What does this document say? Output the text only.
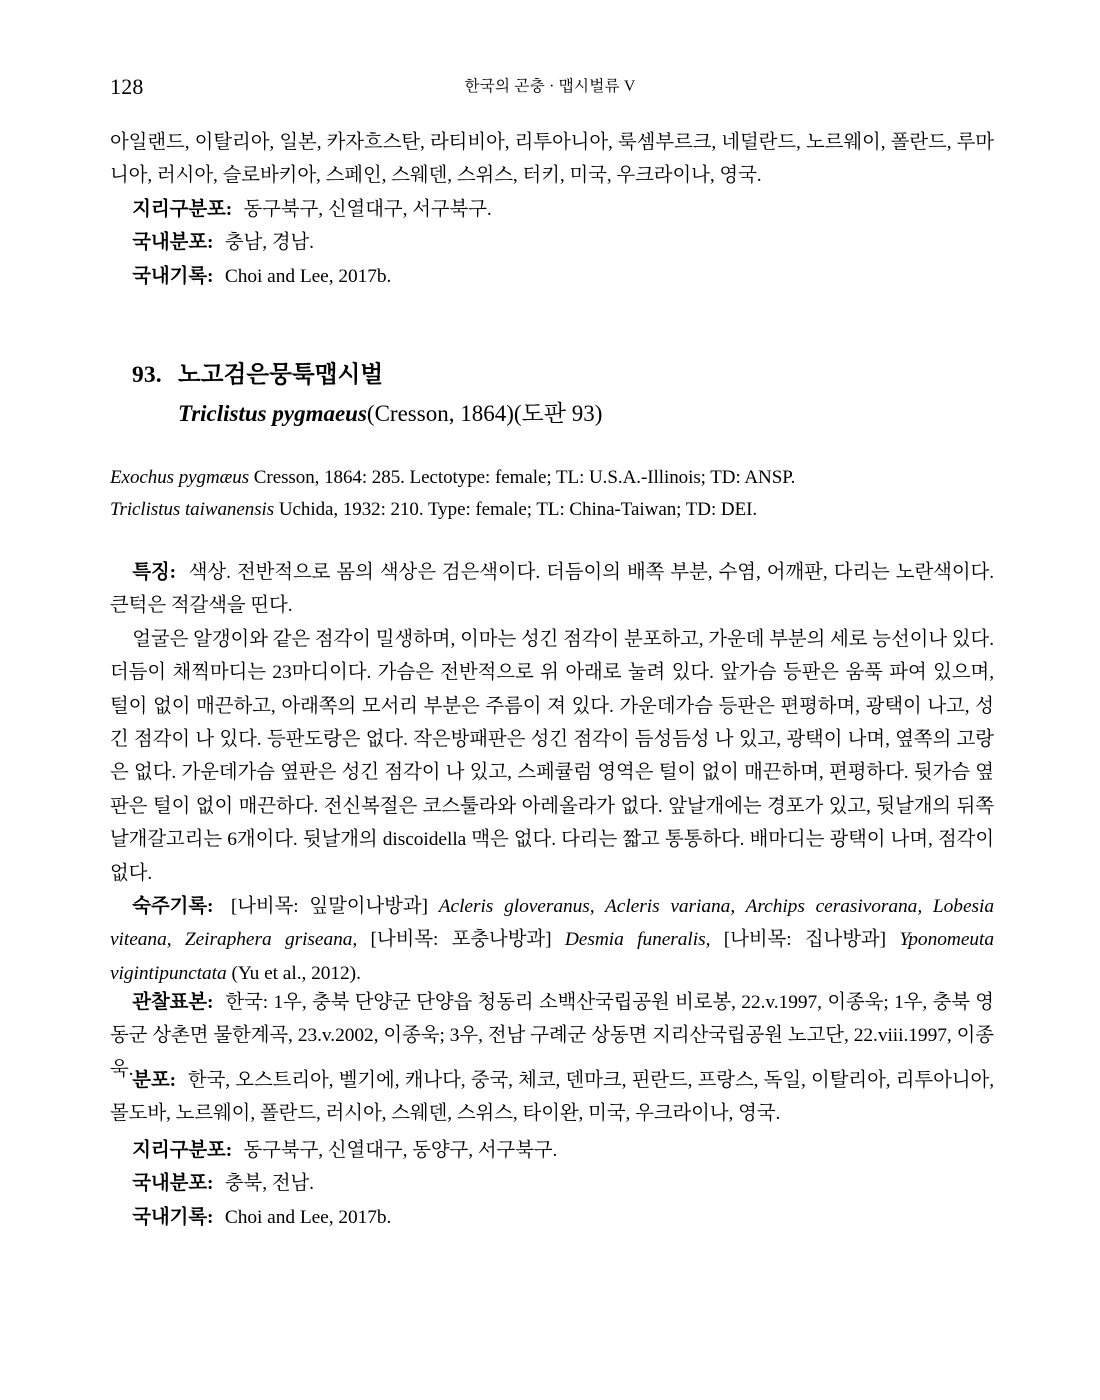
128	한국의 곤충 · 맵시벌류 V

아일랜드, 이탈리아, 일본, 카자흐스탄, 라티비아, 리투아니아, 룩셈부르크, 네덜란드, 노르웨이, 폴란드, 루마니아, 러시아, 슬로바키아, 스페인, 스웨덴, 스위스, 터키, 미국, 우크라이나, 영국.

지리구분포: 동구북구, 신열대구, 서구북구.

국내분포: 충남, 경남.

국내기록: Choi and Lee, 2017b.

93. 노고검은뭉툭맵시벌
Triclistus pygmaeus(Cresson, 1864)(도판 93)

Exochus pygmæus Cresson, 1864: 285. Lectotype: female; TL: U.S.A.-Illinois; TD: ANSP.

Triclistus taiwanensis Uchida, 1932: 210. Type: female; TL: China-Taiwan; TD: DEI.

특징: 색상. 전반적으로 몸의 색상은 검은색이다. 더듬이의 배쪽 부분, 수염, 어깨판, 다리는 노란색이다. 큰턱은 적갈색을 띤다.

얼굴은 알갱이와 같은 점각이 밀생하며, 이마는 성긴 점각이 분포하고, 가운데 부분의 세로 능선이나 있다. 더듬이 채찍마디는 23마디이다. 가슴은 전반적으로 위 아래로 눌려 있다. 앞가슴 등판은 움푹 파여 있으며, 털이 없이 매끈하고, 아래쪽의 모서리 부분은 주름이 져 있다. 가운데가슴 등판은 편평하며, 광택이 나고, 성긴 점각이 나 있다. 등판도랑은 없다. 작은방패판은 성긴 점각이 듬성듬성 나 있고, 광택이 나며, 옆쪽의 고랑은 없다. 가운데가슴 옆판은 성긴 점각이 나 있고, 스페큘럼 영역은 털이 없이 매끈하며, 편평하다. 뒷가슴 옆판은 털이 없이 매끈하다. 전신복절은 코스툴라와 아레올라가 없다. 앞날개에는 경포가 있고, 뒷날개의 뒤쪽 날개갈고리는 6개이다. 뒷날개의 discoidella 맥은 없다. 다리는 짧고 통통하다. 배마디는 광택이 나며, 점각이 없다.

숙주기록: [나비목: 잎말이나방과] Acleris gloveranus, Acleris variana, Archips cerasivorana, Lobesia viteana, Zeiraphera griseana, [나비목: 포충나방과] Desmia funeralis, [나비목: 집나방과] Yponomeuta vigintipunctata (Yu et al., 2012).

관찰표본: 한국: 1우, 충북 단양군 단양읍 청동리 소백산국립공원 비로봉, 22.v.1997, 이종욱; 1우, 충북 영동군 상촌면 물한계곡, 23.v.2002, 이종욱; 3우, 전남 구례군 상동면 지리산국립공원 노고단, 22.viii.1997, 이종욱.

분포: 한국, 오스트리아, 벨기에, 캐나다, 중국, 체코, 덴마크, 핀란드, 프랑스, 독일, 이탈리아, 리투아니아, 몰도바, 노르웨이, 폴란드, 러시아, 스웨덴, 스위스, 타이완, 미국, 우크라이나, 영국.

지리구분포: 동구북구, 신열대구, 동양구, 서구북구.

국내분포: 충북, 전남.

국내기록: Choi and Lee, 2017b.
